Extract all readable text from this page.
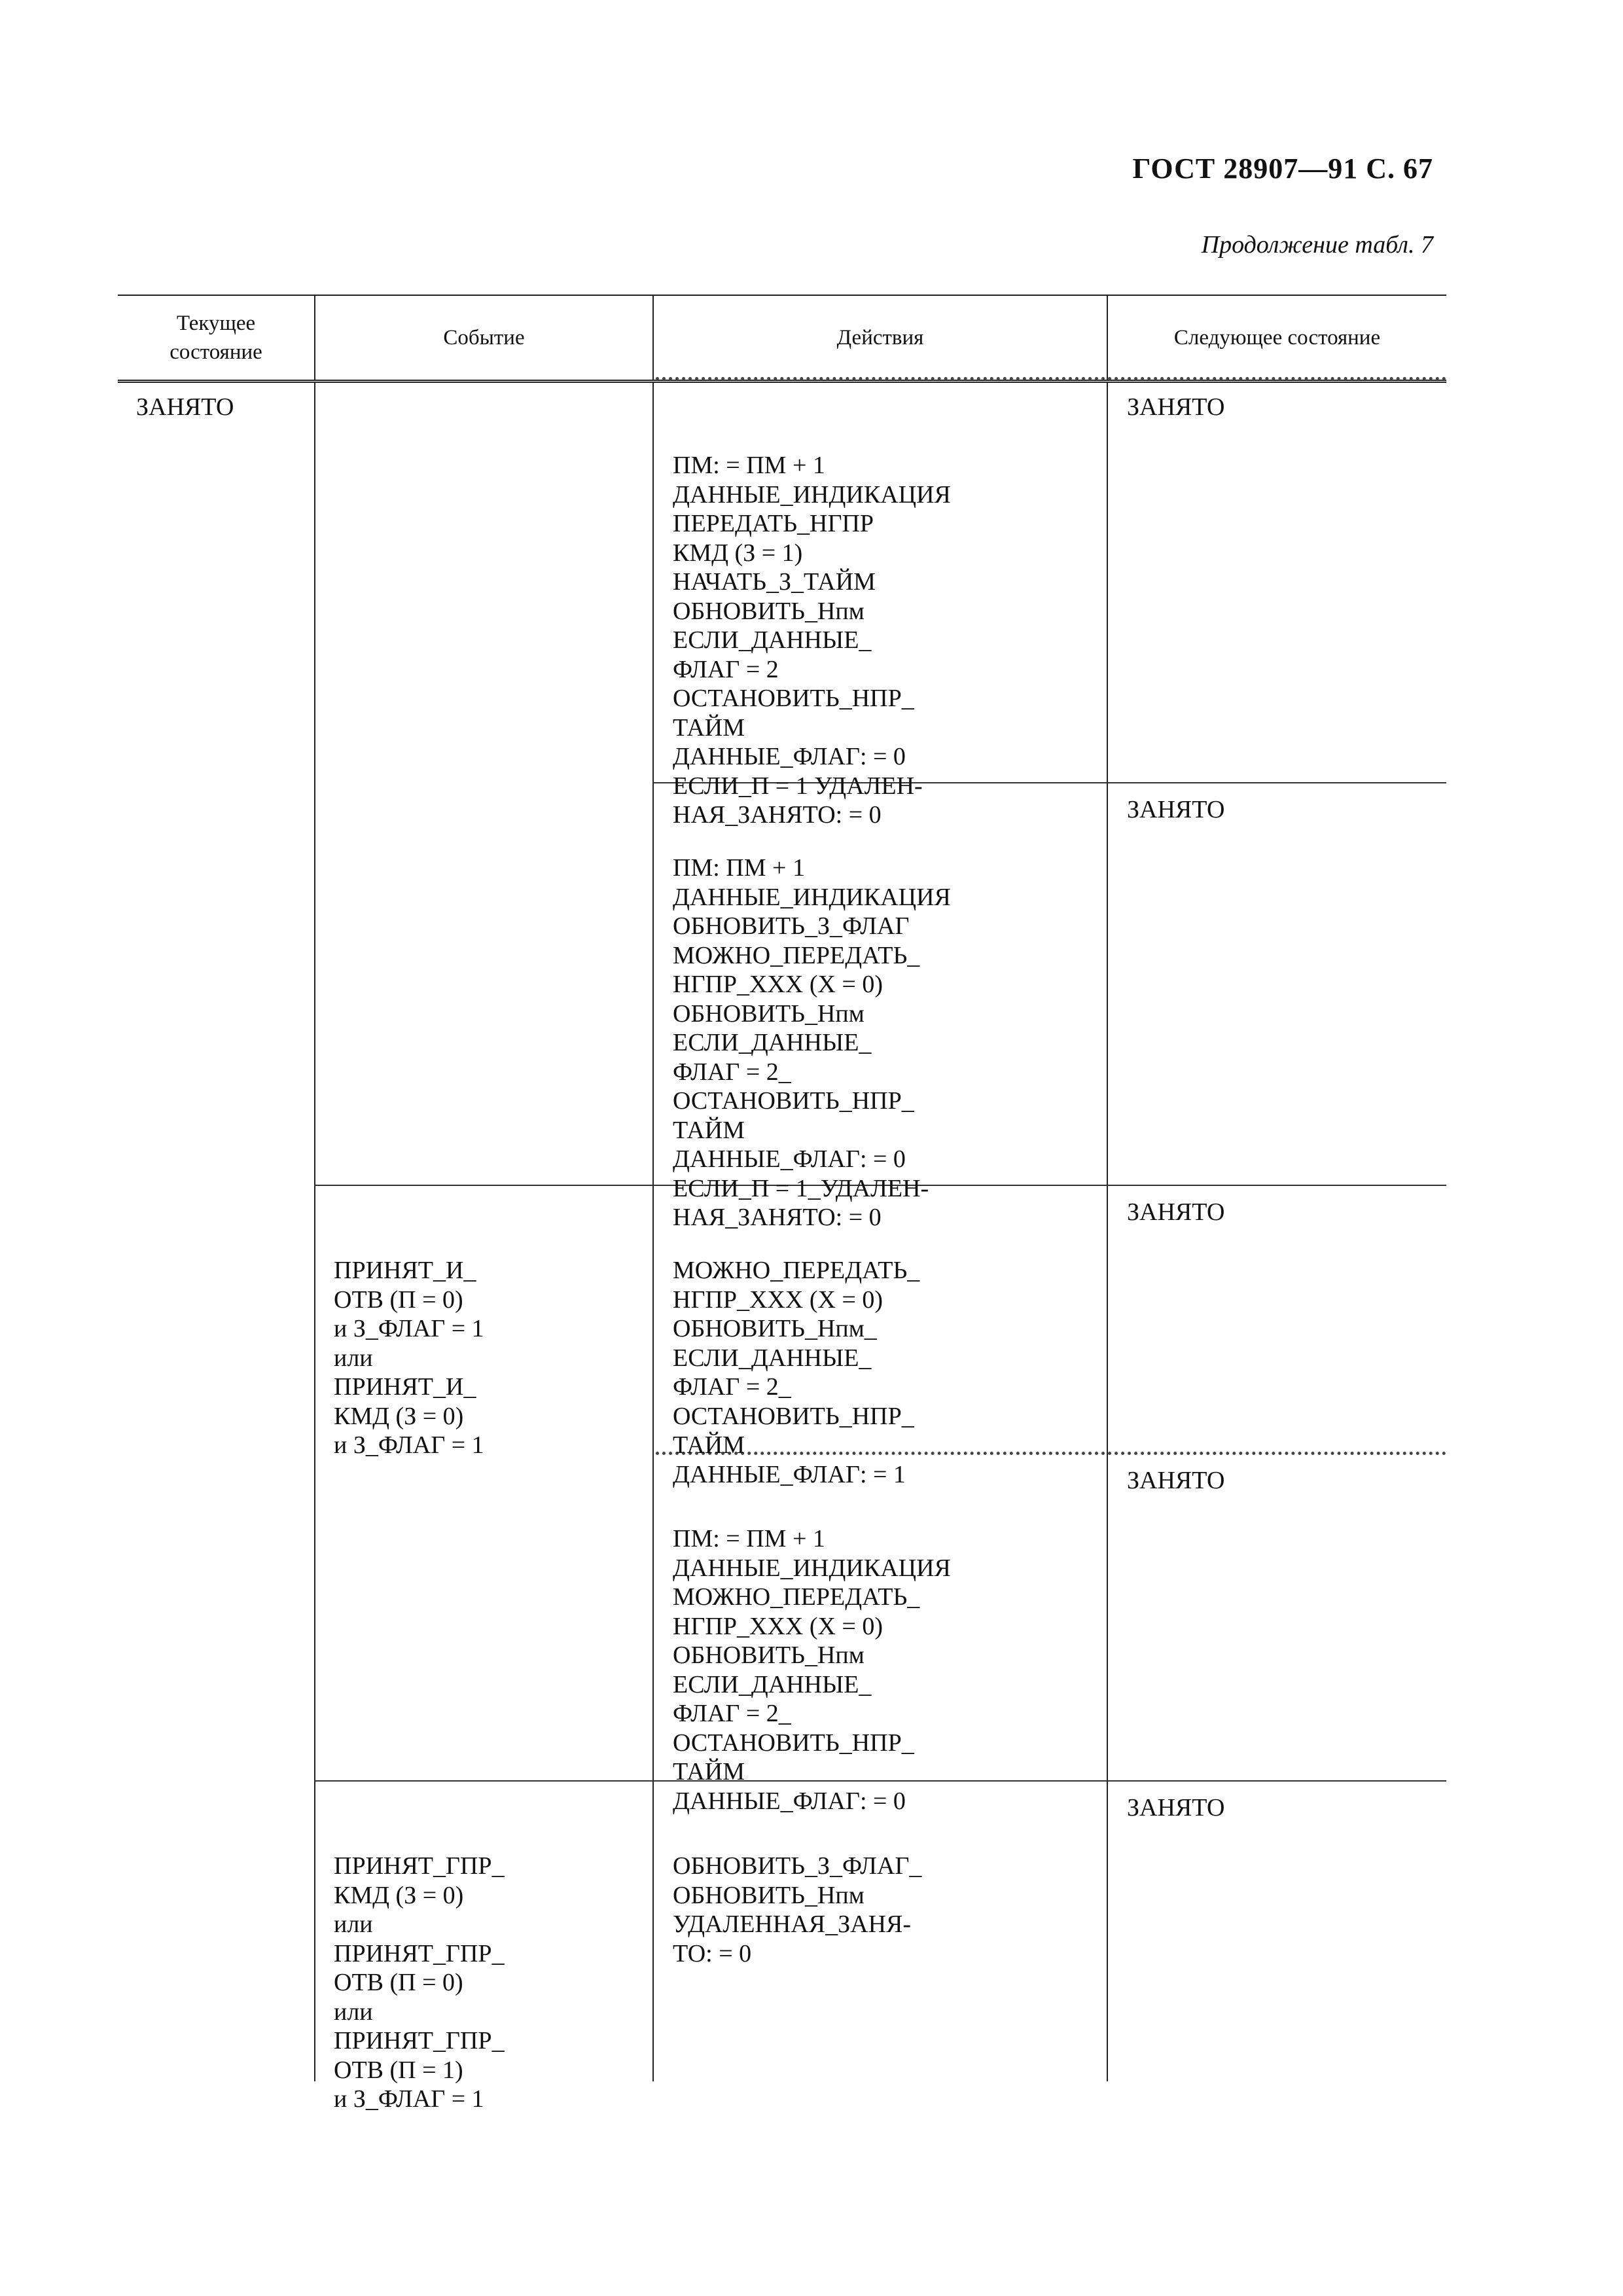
ГОСТ 28907—91 С. 67
Продолжение табл. 7
Текущее
состояние
Событие	Действия	Следующее состояние
ЗАНЯТО

ПМ: = ПМ + 1
ДАННЫЕ_ИНДИКАЦИЯ
ПЕРЕДАТЬ_НГПР
КМД (З = 1)
НАЧАТЬ_З_ТАЙМ
ОБНОВИТЬ_Нпм
ЕСЛИ_ДАННЫЕ_
ФЛАГ = 2
ОСТАНОВИТЬ_НПР_
ТАЙМ
ДАННЫЕ_ФЛАГ: = 0
ЕСЛИ_П = 1 УДАЛЕН-
НАЯ_ЗАНЯТО: = 0

ЗАНЯТО

ПМ: ПМ + 1
ДАННЫЕ_ИНДИКАЦИЯ
ОБНОВИТЬ_З_ФЛАГ
МОЖНО_ПЕРЕДАТЬ_
НГПР_ХХХ (Х = 0)
ОБНОВИТЬ_Нпм
ЕСЛИ_ДАННЫЕ_
ФЛАГ = 2_
ОСТАНОВИТЬ_НПР_
ТАЙМ
ДАННЫЕ_ФЛАГ: = 0
ЕСЛИ_П = 1_УДАЛЕН-
НАЯ_ЗАНЯТО: = 0

ЗАНЯТО

ПРИНЯТ_И_
ОТВ (П = 0)
и З_ФЛАГ = 1
или
ПРИНЯТ_И_
КМД (З = 0)
и З_ФЛАГ = 1

МОЖНО_ПЕРЕДАТЬ_
НГПР_ХХХ (Х = 0)
ОБНОВИТЬ_Нпм_
ЕСЛИ_ДАННЫЕ_
ФЛАГ = 2_
ОСТАНОВИТЬ_НПР_
ТАЙМ
ДАННЫЕ_ФЛАГ: = 1

ЗАНЯТО

ПМ: = ПМ + 1
ДАННЫЕ_ИНДИКАЦИЯ
МОЖНО_ПЕРЕДАТЬ_
НГПР_ХХХ (Х = 0)
ОБНОВИТЬ_Нпм
ЕСЛИ_ДАННЫЕ_
ФЛАГ = 2_
ОСТАНОВИТЬ_НПР_
ТАЙМ
ДАННЫЕ_ФЛАГ: = 0

ЗАНЯТО

ПРИНЯТ_ГПР_
КМД (З = 0)
или
ПРИНЯТ_ГПР_
ОТВ (П = 0)
или
ПРИНЯТ_ГПР_
ОТВ (П = 1)
и З_ФЛАГ = 1

ОБНОВИТЬ_З_ФЛАГ_
ОБНОВИТЬ_Нпм
УДАЛЕННАЯ_ЗАНЯ-
ТО: = 0

ЗАНЯТО
